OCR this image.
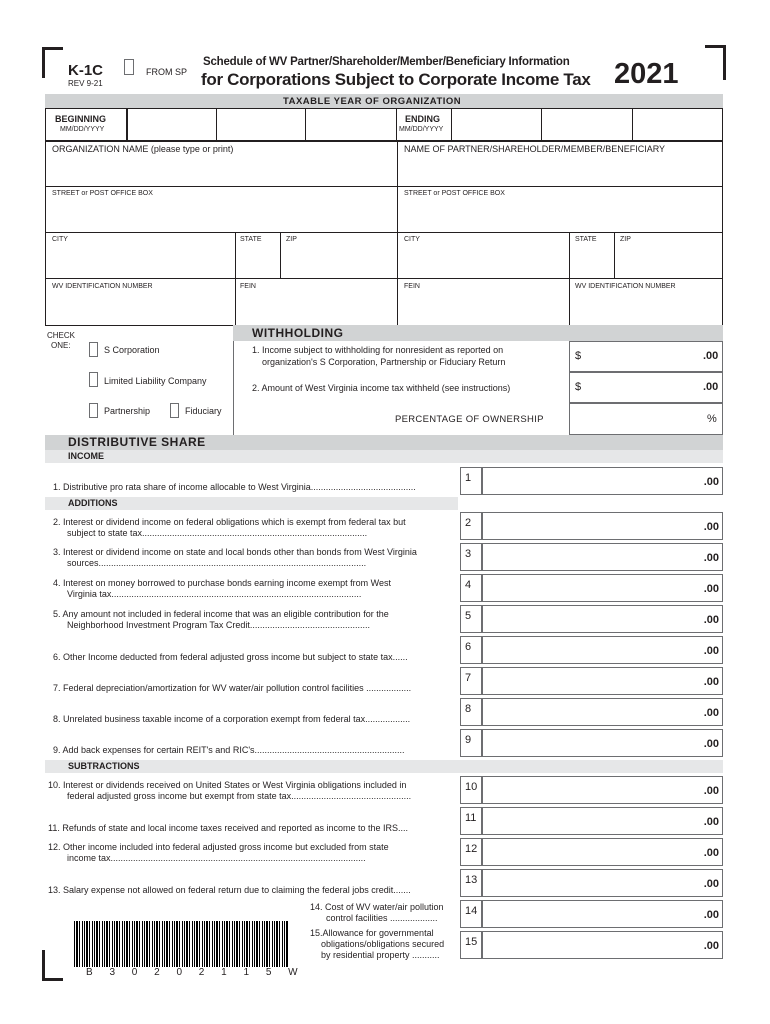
K-1C
REV 9-21
FROM SP
Schedule of WV Partner/Shareholder/Member/Beneficiary Information
for Corporations Subject to Corporate Income Tax 2021
TAXABLE YEAR OF ORGANIZATION
BEGINNING
MM/DD/YYYY
ENDING
MM/DD/YYYY
ORGANIZATION NAME (please type or print)	NAME OF PARTNER/SHAREHOLDER/MEMBER/BENEFICIARY
STREET or POST OFFICE BOX	STREET or POST OFFICE BOX
CITY	STATE	ZIP	CITY	STATE	ZIP
WV IDENTIFICATION NUMBER	FEIN	FEIN	WV IDENTIFICATION NUMBER
CHECK
ONE:	S Corporation
Limited Liability Company
Partnership	Fiduciary
WITHHOLDING
1. Income subject to withholding for nonresident as reported on
organization's S Corporation, Partnership or Fiduciary Return	$	.00
2. Amount of West Virginia income tax withheld (see instructions)	$	.00
PERCENTAGE OF OWNERSHIP	%
DISTRIBUTIVE SHARE
INCOME
ADDITIONS
SUBTRACTIONS
1. Distributive pro rata share of income allocable to West Virginia..........................................
1	.00
2. Interest or dividend income on federal obligations which is exempt from federal tax but
subject to state tax..........................................................................................
2	.00
3. Interest or dividend income on state and local bonds other than bonds from West Virginia
sources...........................................................................................................
3	.00
4. Interest on money borrowed to purchase bonds earning income exempt from West
Virginia tax....................................................................................................
4	.00
5. Any amount not included in federal income that was an eligible contribution for the
Neighborhood Investment Program Tax Credit................................................
5	.00
6. Other Income deducted from federal adjusted gross income but subject to state tax......
6	.00
7. Federal depreciation/amortization for WV water/air pollution control facilities ..................
7	.00
8. Unrelated business taxable income of a corporation exempt from federal tax..................
8	.00
9. Add back expenses for certain REIT's and RIC's............................................................
9	.00
10. Interest or dividends received on United States or West Virginia obligations included in
federal adjusted gross income but exempt from state tax................................................
10	.00
11. Refunds of state and local income taxes received and reported as income to the IRS....
11	.00
12. Other income included into federal adjusted gross income but excluded from state
income tax......................................................................................................
12	.00
13. Salary expense not allowed on federal return due to claiming the federal jobs credit.......
13	.00
14. Cost of WV water/air pollution
control facilities ...................
14	.00
15.Allowance for governmental
obligations/obligations secured
by residential property ...........
15	.00
B 3 0 2 0 2 1 1 5 W
